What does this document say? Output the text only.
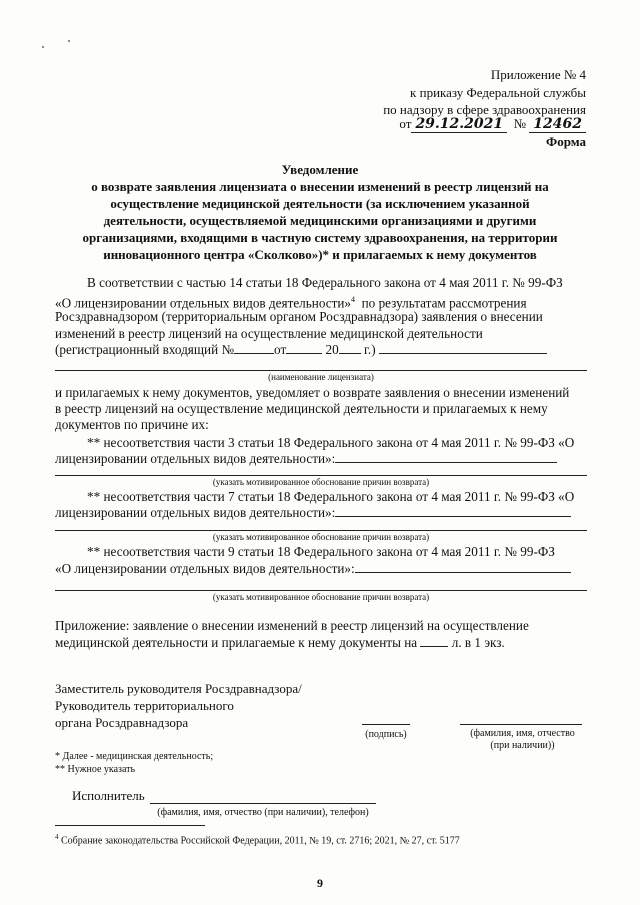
Приложение № 4
к приказу Федеральной службы
по надзору в сфере здравоохранения
от 29.12.2021 № 12462
Форма
Уведомление
о возврате заявления лицензиата о внесении изменений в реестр лицензий на
осуществление медицинской деятельности (за исключением указанной
деятельности, осуществляемой медицинскими организациями и другими
организациями, входящими в частную систему здравоохранения, на территории
инновационного центра «Сколково»)* и прилагаемых к нему документов
В соответствии с частью 14 статьи 18 Федерального закона от 4 мая 2011 г. № 99-ФЗ
«О лицензировании отдельных видов деятельности»$^4$ по результатам рассмотрения
Росздравнадзором (территориальным органом Росздравнадзора) заявления о внесении
изменений в реестр лицензий на осуществление медицинской деятельности
(регистрационный входящий №	от	20 г.)
(наименование лицензиата)
и прилагаемых к нему документов, уведомляет о возврате заявления о внесении изменений
в реестр лицензий на осуществление медицинской деятельности и прилагаемых к нему
документов по причине их:
** несоответствия части 3 статьи 18 Федерального закона от 4 мая 2011 г. № 99-ФЗ «О
лицензировании отдельных видов деятельности»:
(указать мотивированное обоснование причин возврата)
** несоответствия части 7 статьи 18 Федерального закона от 4 мая 2011 г. № 99-ФЗ «О
лицензировании отдельных видов деятельности»:
(указать мотивированное обоснование причин возврата)
** несоответствия части 9 статьи 18 Федерального закона от 4 мая 2011 г. № 99-ФЗ
«О лицензировании отдельных видов деятельности»:
(указать мотивированное обоснование причин возврата)
Приложение: заявление о внесении изменений в реестр лицензий на осуществление
медицинской деятельности и прилагаемые к нему документы на	л. в 1 экз.
Заместитель руководителя Росздравнадзора/
Руководитель территориального
органа Росздравнадзора
(подпись)	(фамилия, имя, отчество
(при наличии))
* Далее - медицинская деятельность;
** Нужное указать
Исполнитель
(фамилия, имя, отчество (при наличии), телефон)
$^4$ Собрание законодательства Российской Федерации, 2011, № 19, ст. 2716; 2021, № 27, ст. 5177
9
